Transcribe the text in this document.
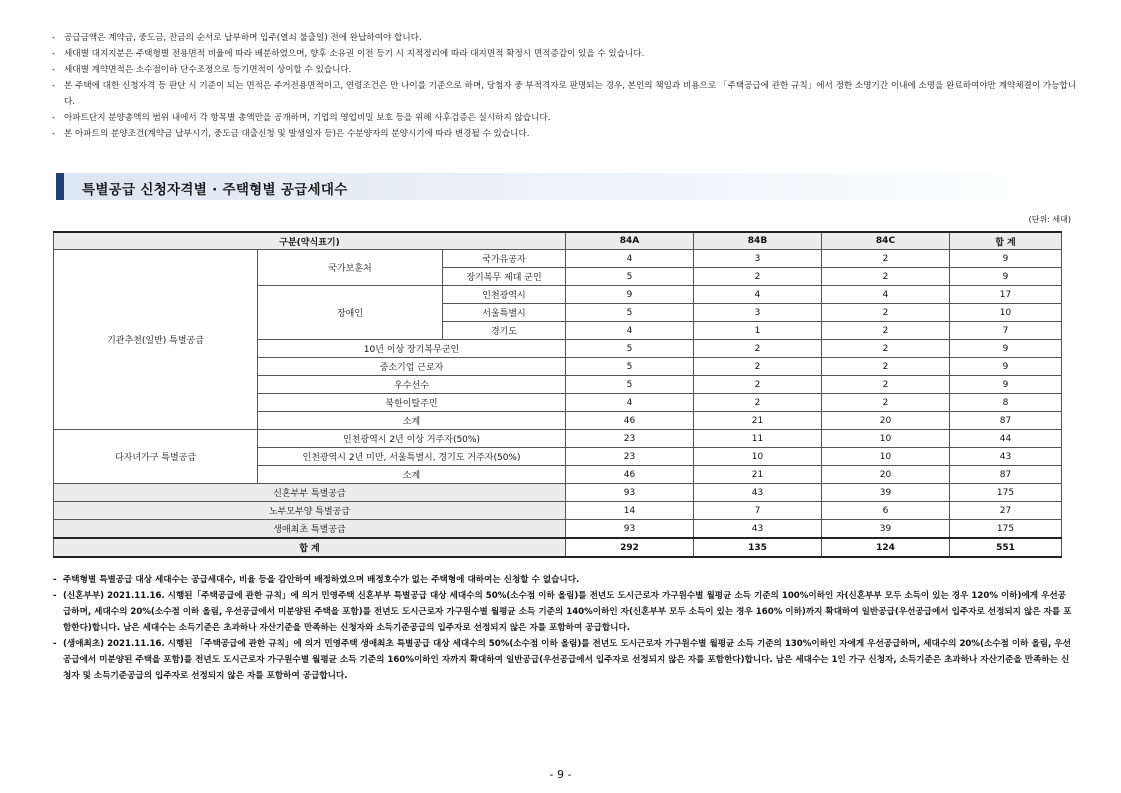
-	공급금액은 계약금, 중도금, 잔금의 순서로 납부하며 입주(열쇠 불출일) 전에 완납하여야 합니다.
-	세대별 대지지분은 주택형별 전용면적 비율에 따라 배분하였으며, 향후 소유권 이전 등기 시 지적정리에 따라 대지면적 확정시 면적증감이 있을 수 있습니다.
-	세대별 계약면적은 소수점이하 단수조정으로 등기면적이 상이할 수 있습니다.
-	본 주택에 대한 신청자격 등 판단 시 기준이 되는 면적은 주거전용면적이고, 연령조건은 만 나이를 기준으로 하며, 당첨자 중 부적격자로 판명되는 경우, 본인의 책임과 비용으로 「주택공급에 관한 규칙」에서 정한 소명기간 이내에 소명을 완료하여야만 계약체결이 가능합니다.
-	아파트단지 분양총액의 범위 내에서 각 항목별 총액만을 공개하며, 기업의 영업비밀 보호 등을 위해 사후검증은 실시하지 않습니다.
-	본 아파트의 분양조건(계약금 납부시기, 중도금 대출신청 및 발생일자 등)은 수분양자의 분양시기에 따라 변경될 수 있습니다.
특별공급 신청자격별 · 주택형별 공급세대수
(단위: 세대)
구분(약식표기)			84A	84B	84C	합 계
기관추천(일반) 특별공급	국가보훈처	국가유공자	4	3	2	9
		장기복무 제대 군인	5	2	2	9
	장애인	인천광역시	9	4	4	17
		서울특별시	5	3	2	10
		경기도	4	1	2	7
	10년 이상 장기복무군인		5	2	2	9
	중소기업 근로자		5	2	2	9
	우수선수		5	2	2	9
	북한이탈주민		4	2	2	8
	소계		46	21	20	87
다자녀가구 특별공급	인천광역시 2년 이상 거주자(50%)		23	11	10	44
	인천광역시 2년 미만, 서울특별시, 경기도 거주자(50%)		23	10	10	43
	소계		46	21	20	87
신혼부부 특별공급			93	43	39	175
노부모부양 특별공급			14	7	6	27
생애최초 특별공급			93	43	39	175
합 계			292	135	124	551
- 주택형별 특별공급 대상 세대수는 공급세대수, 비율 등을 감안하여 배정하였으며 배정호수가 없는 주택형에 대하여는 신청할 수 없습니다.
- (신혼부부) 2021.11.16. 시행된「주택공급에 관한 규칙」에 의거 민영주택 신혼부부 특별공급 대상 세대수의 50%(소수점 이하 올림)를 전년도 도시근로자 가구원수별 월평균 소득 기준의 100%이하인 자(신혼부부 모두 소득이 있는 경우 120% 이하)에게 우선공급하며, 세대수의 20%(소수점 이하 올림, 우선공급에서 미분양된 주택을 포함)를 전년도 도시근로자 가구원수별 월평균 소득 기준의 140%이하인 자(신혼부부 모두 소득이 있는 경우 160% 이하)까지 확대하여 일반공급(우선공급에서 입주자로 선정되지 않은 자를 포함한다)합니다. 남은 세대수는 소득기준은 초과하나 자산기준을 만족하는 신청자와 소득기준공급의 입주자로 선정되지 않은 자를 포함하여 공급합니다.
- (생애최초) 2021.11.16. 시행된 「주택공급에 관한 규칙」에 의거 민영주택 생애최초 특별공급 대상 세대수의 50%(소수점 이하 올림)를 전년도 도시근로자 가구원수별 월평균 소득 기준의 130%이하인 자에게 우선공급하며, 세대수의 20%(소수점 이하 올림, 우선공급에서 미분양된 주택을 포함)를 전년도 도시근로자 가구원수별 월평균 소득 기준의 160%이하인 자까지 확대하여 일반공급(우선공급에서 입주자로 선정되지 않은 자를 포함한다)합니다. 남은 세대수는 1인 가구 신청자, 소득기준은 초과하나 자산기준을 만족하는 신청자 및 소득기준공급의 입주자로 선정되지 않은 자를 포함하여 공급합니다.
- 9 -
